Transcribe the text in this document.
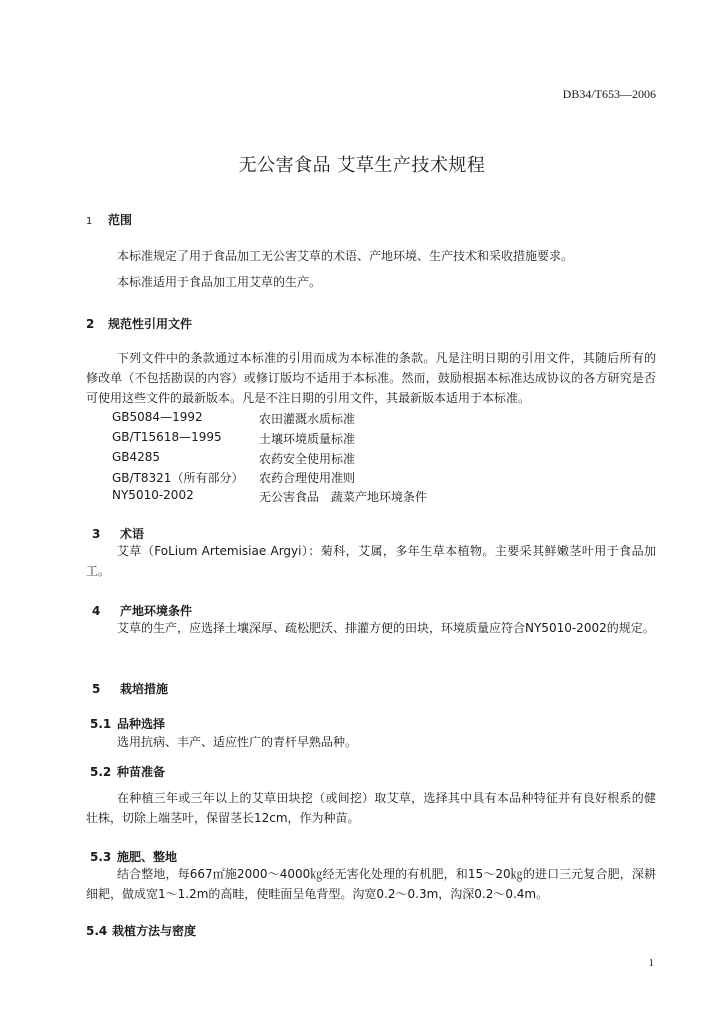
DB34/T653—2006
无公害食品 艾草生产技术规程
1 范围
本标准规定了用于食品加工无公害艾草的术语、产地环境、生产技术和采收措施要求。
本标准适用于食品加工用艾草的生产。
2 规范性引用文件
下列文件中的条款通过本标准的引用而成为本标准的条款。凡是注明日期的引用文件，其随后所有的修改单（不包括勘误的内容）或修订版均不适用于本标准。然而，鼓励根据本标准达成协议的各方研究是否可使用这些文件的最新版本。凡是不注日期的引用文件，其最新版本适用于本标准。
GB5084—1992	农田灌溉水质标准
GB/T15618—1995	土壤环境质量标准
GB4285	农药安全使用标准
GB/T8321（所有部分） 农药合理使用准则
NY5010-2002	无公害食品　蔬菜产地环境条件
3 术语
艾草（FoLium Artemisiae Argyi）：菊科，艾属，多年生草本植物。主要采其鲜嫩茎叶用于食品加工。
4 产地环境条件
艾草的生产，应选择土壤深厚、疏松肥沃、排灌方便的田块，环境质量应符合NY5010-2002的规定。
5 栽培措施
5.1 品种选择
选用抗病、丰产、适应性广的青杆早熟品种。
5.2 种苗准备
在种植三年或三年以上的艾草田块挖（或间挖）取艾草，选择其中具有本品种特征并有良好根系的健壮株，切除上端茎叶，保留茎长12cm，作为种苗。
5.3 施肥、整地
结合整地，每667㎡施2000～4000㎏经无害化处理的有机肥，和15～20㎏的进口三元复合肥，深耕细耙，做成宽1～1.2m的高畦，使畦面呈龟背型。沟宽0.2～0.3m，沟深0.2～0.4m。
5.4 栽植方法与密度
1
